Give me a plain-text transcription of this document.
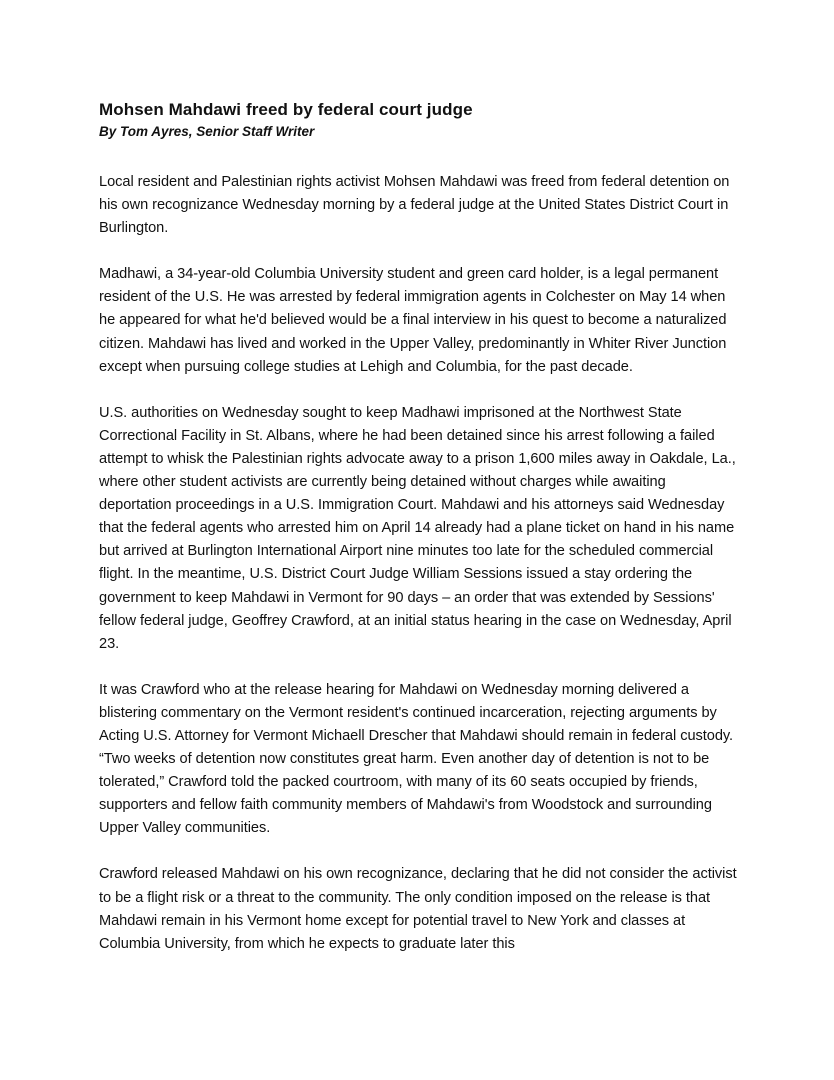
Mohsen Mahdawi freed by federal court judge

By Tom Ayres, Senior Staff Writer

Local resident and Palestinian rights activist Mohsen Mahdawi was freed from federal detention on his own recognizance Wednesday morning by a federal judge at the United States District Court in Burlington.

Madhawi, a 34-year-old Columbia University student and green card holder, is a legal permanent resident of the U.S. He was arrested by federal immigration agents in Colchester on May 14 when he appeared for what he'd believed would be a final interview in his quest to become a naturalized citizen. Mahdawi has lived and worked in the Upper Valley, predominantly in Whiter River Junction except when pursuing college studies at Lehigh and Columbia, for the past decade.

U.S. authorities on Wednesday sought to keep Madhawi imprisoned at the Northwest State Correctional Facility in St. Albans, where he had been detained since his arrest following a failed attempt to whisk the Palestinian rights advocate away to a prison 1,600 miles away in Oakdale, La., where other student activists are currently being detained without charges while awaiting deportation proceedings in a U.S. Immigration Court. Mahdawi and his attorneys said Wednesday that the federal agents who arrested him on April 14 already had a plane ticket on hand in his name but arrived at Burlington International Airport nine minutes too late for the scheduled commercial flight. In the meantime, U.S. District Court Judge William Sessions issued a stay ordering the government to keep Mahdawi in Vermont for 90 days – an order that was extended by Sessions' fellow federal judge, Geoffrey Crawford, at an initial status hearing in the case on Wednesday, April 23.

It was Crawford who at the release hearing for Mahdawi on Wednesday morning delivered a blistering commentary on the Vermont resident's continued incarceration, rejecting arguments by Acting U.S. Attorney for Vermont Michaell Drescher that Mahdawi should remain in federal custody. “Two weeks of detention now constitutes great harm. Even another day of detention is not to be tolerated,” Crawford told the packed courtroom, with many of its 60 seats occupied by friends, supporters and fellow faith community members of Mahdawi's from Woodstock and surrounding Upper Valley communities.

Crawford released Mahdawi on his own recognizance, declaring that he did not consider the activist to be a flight risk or a threat to the community. The only condition imposed on the release is that Mahdawi remain in his Vermont home except for potential travel to New York and classes at Columbia University, from which he expects to graduate later this
